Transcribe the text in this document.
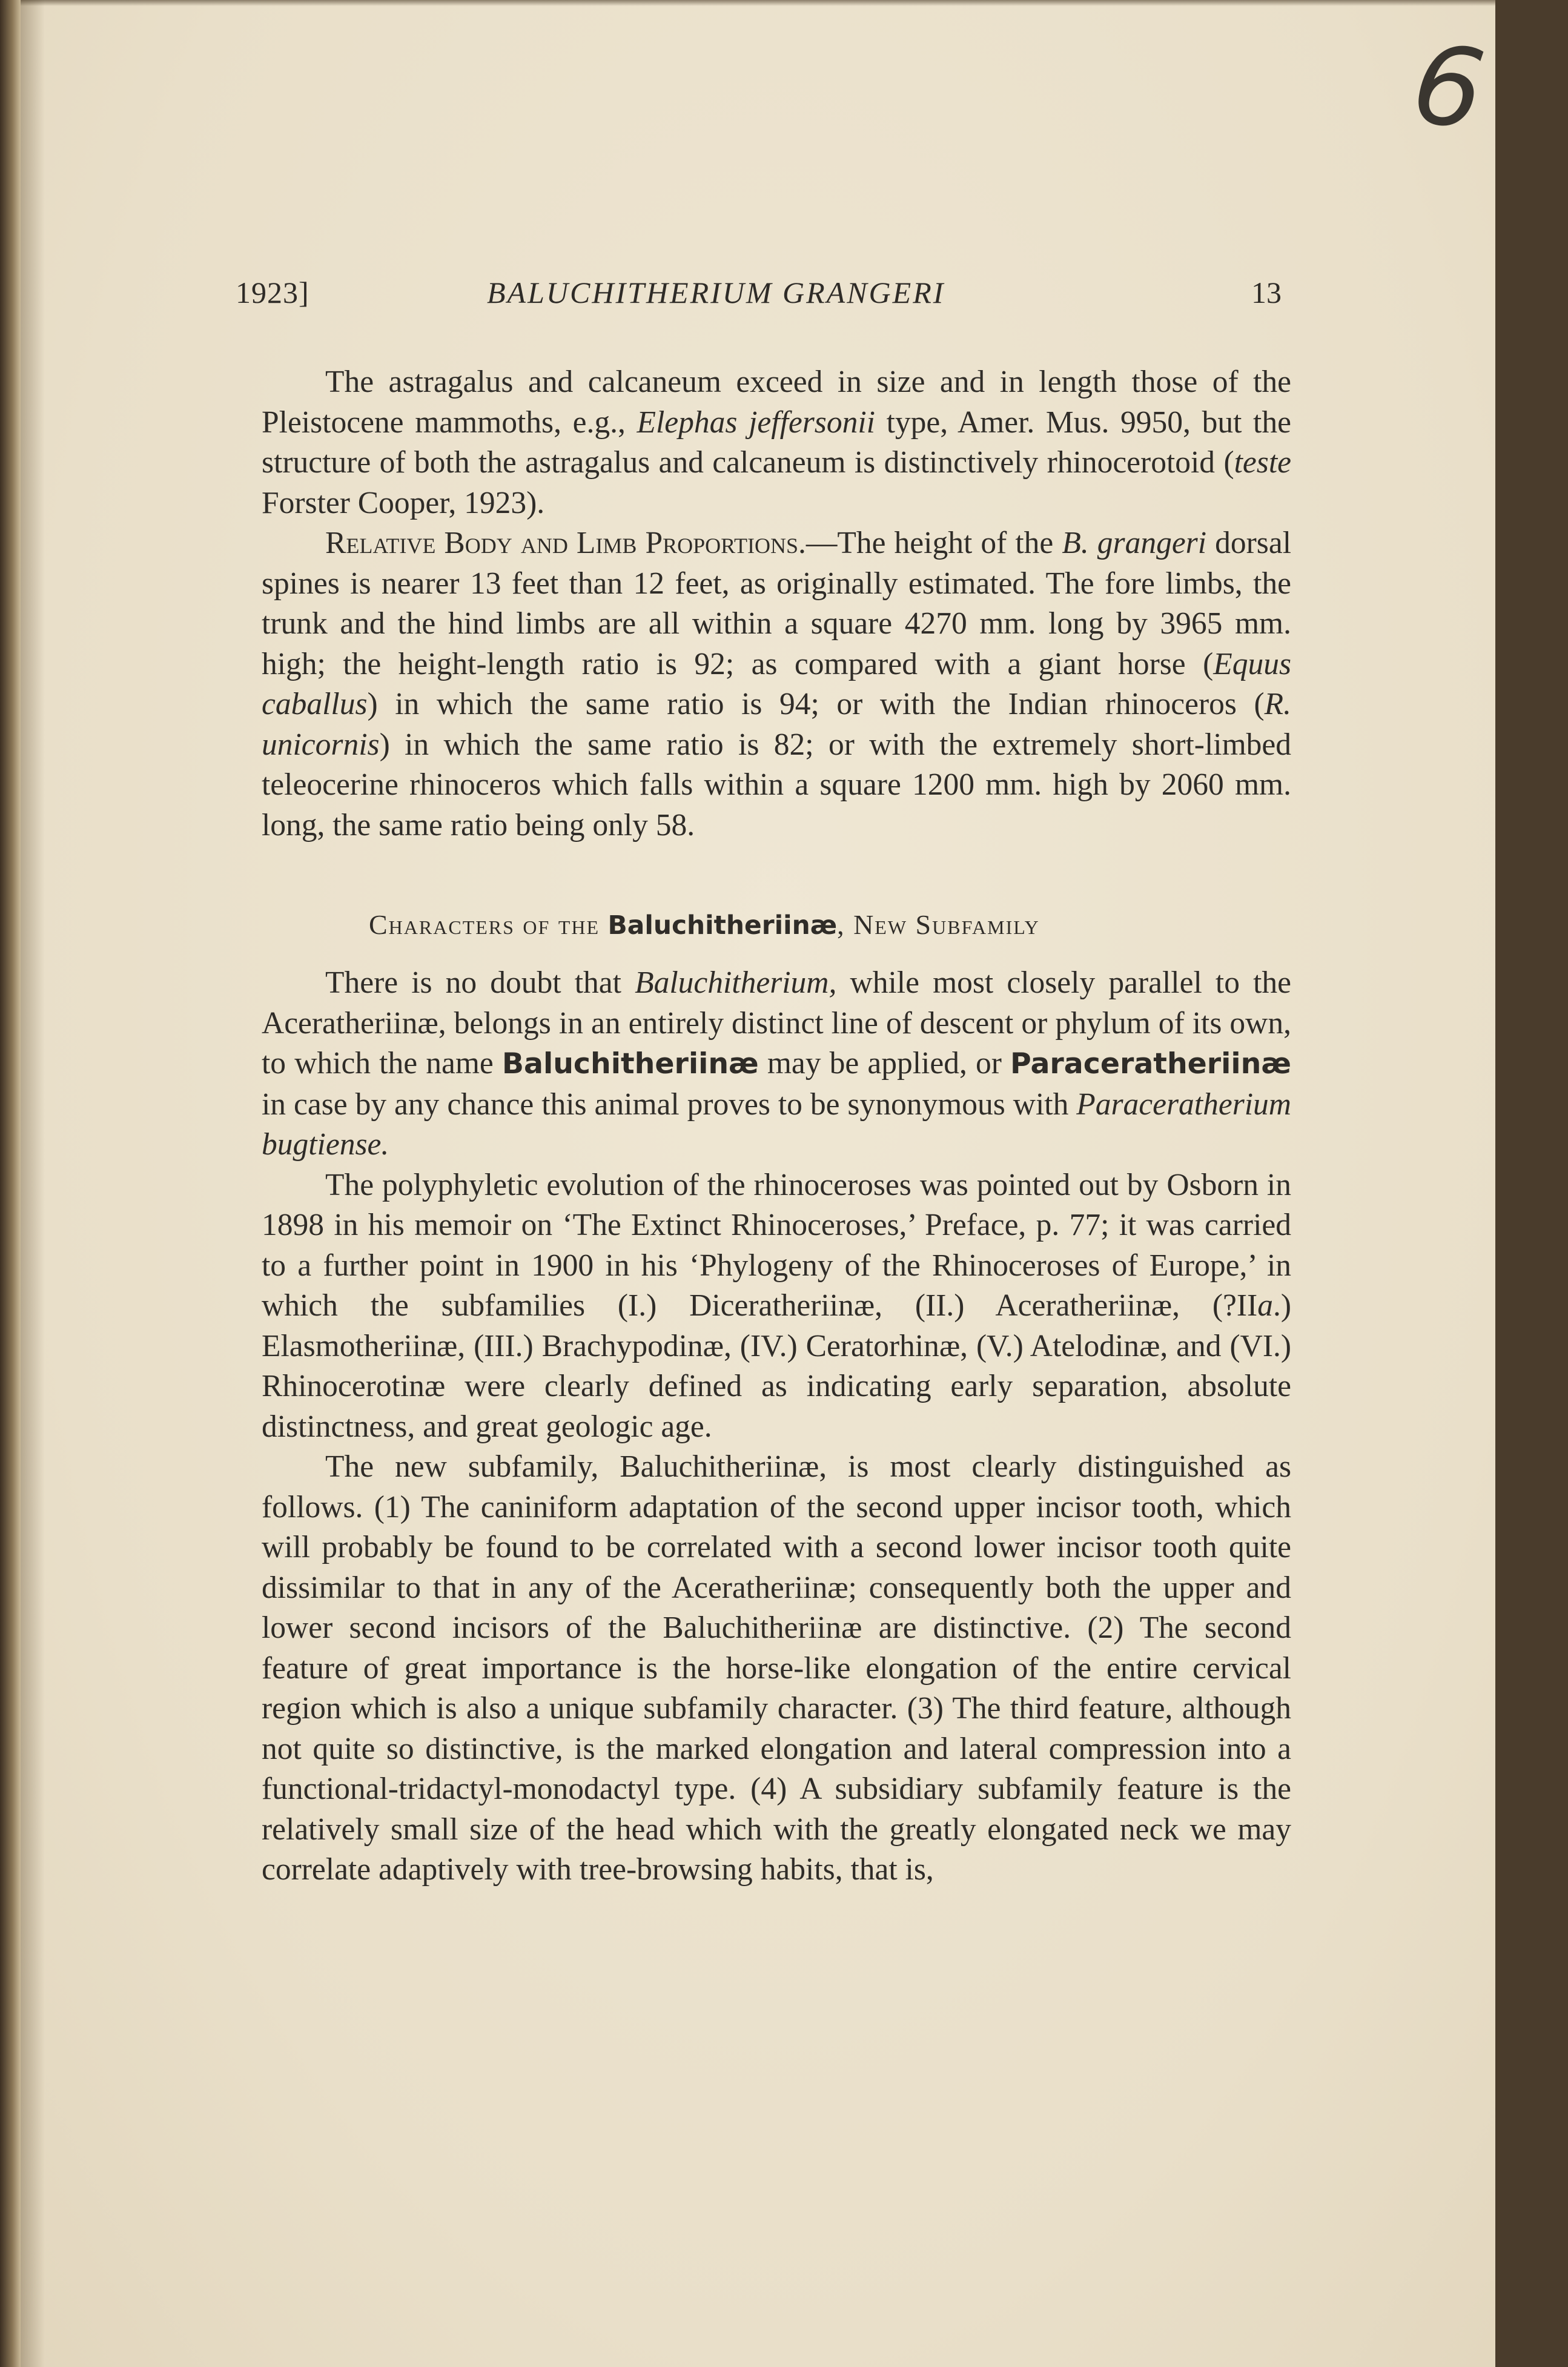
6
1923]	BALUCHITHERIUM GRANGERI	13

The astragalus and calcaneum exceed in size and in length those of the Pleistocene mammoths, e.g., Elephas jeffersonii type, Amer. Mus. 9950, but the structure of both the astragalus and calcaneum is distinctively rhinocerotoid (teste Forster Cooper, 1923).

Relative Body and Limb Proportions.—The height of the B. grangeri dorsal spines is nearer 13 feet than 12 feet, as originally estimated. The fore limbs, the trunk and the hind limbs are all within a square 4270 mm. long by 3965 mm. high; the height-length ratio is 92; as compared with a giant horse (Equus caballus) in which the same ratio is 94; or with the Indian rhinoceros (R. unicornis) in which the same ratio is 82; or with the extremely short-limbed teleocerine rhinoceros which falls within a square 1200 mm. high by 2060 mm. long, the same ratio being only 58.

Characters of the Baluchitheriinæ, New Subfamily

There is no doubt that Baluchitherium, while most closely parallel to the Aceratheriinæ, belongs in an entirely distinct line of descent or phylum of its own, to which the name Baluchitheriinæ may be applied, or Paraceratheriinæ in case by any chance this animal proves to be synonymous with Paraceratherium bugtiense.

The polyphyletic evolution of the rhinoceroses was pointed out by Osborn in 1898 in his memoir on ‘The Extinct Rhinoceroses,’ Preface, p. 77; it was carried to a further point in 1900 in his ‘Phylogeny of the Rhinoceroses of Europe,’ in which the subfamilies (I.) Diceratheriinæ, (II.) Aceratheriinæ, (?IIa.) Elasmotheriinæ, (III.) Brachypodinæ, (IV.) Ceratorhinæ, (V.) Atelodinæ, and (VI.) Rhinocerotinæ were clearly defined as indicating early separation, absolute distinctness, and great geologic age.

The new subfamily, Baluchitheriinæ, is most clearly distinguished as follows. (1) The caniniform adaptation of the second upper incisor tooth, which will probably be found to be correlated with a second lower incisor tooth quite dissimilar to that in any of the Aceratheriinæ; consequently both the upper and lower second incisors of the Baluchitheriinæ are distinctive. (2) The second feature of great importance is the horse-like elongation of the entire cervical region which is also a unique subfamily character. (3) The third feature, although not quite so distinctive, is the marked elongation and lateral compression into a functional-tridactyl-monodactyl type. (4) A subsidiary subfamily feature is the relatively small size of the head which with the greatly elongated neck we may correlate adaptively with tree-browsing habits, that is,
